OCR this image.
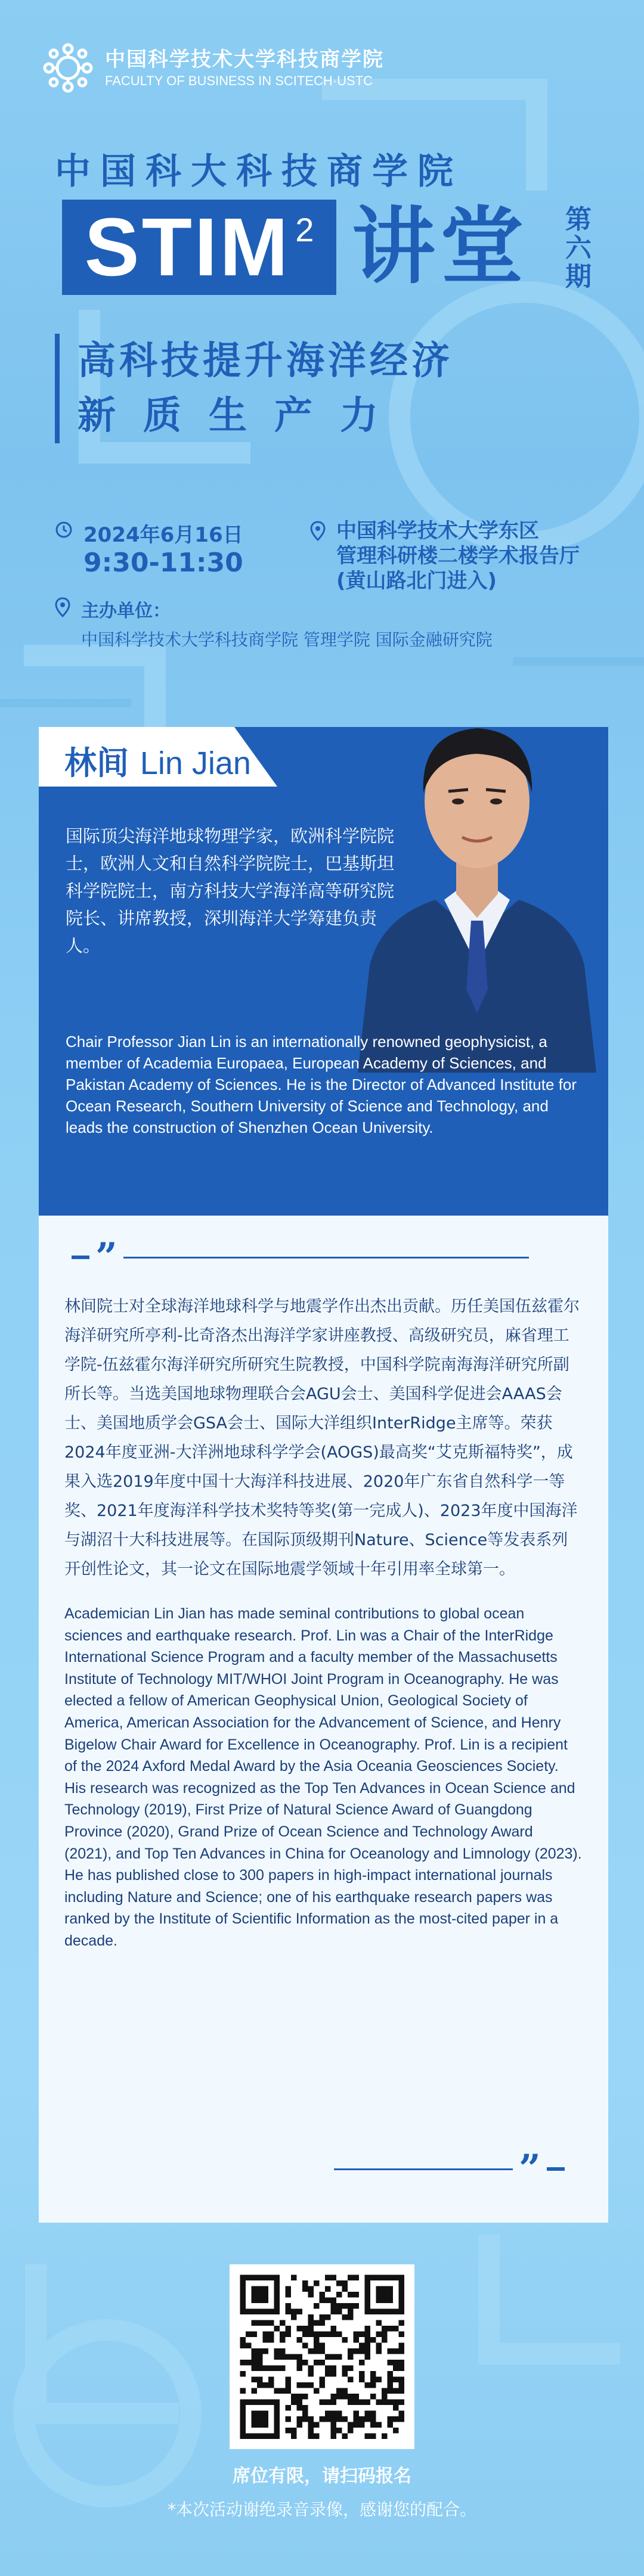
中国科学技术大学科技商学院
FACULTY OF BUSINESS IN SCITECH·USTC
中国科大科技商学院
STIM 2 讲堂 第六期
高科技提升海洋经济
新质生产力
2024年6月16日
9:30-11:30
中国科学技术大学东区
管理科研楼二楼学术报告厅
(黄山路北门进入)
主办单位：
中国科学技术大学科技商学院 管理学院 国际金融研究院
林间 Lin Jian
国际顶尖海洋地球物理学家，欧洲科学院院士，欧洲人文和自然科学院院士，巴基斯坦科学院院士，南方科技大学海洋高等研究院院长、讲席教授，深圳海洋大学筹建负责人。
Chair Professor Jian Lin is an internationally renowned geophysicist, a member of Academia Europaea, European Academy of Sciences, and Pakistan Academy of Sciences. He is the Director of Advanced Institute for Ocean Research, Southern University of Science and Technology, and leads the construction of Shenzhen Ocean University.
”
林间院士对全球海洋地球科学与地震学作出杰出贡献。历任美国伍兹霍尔海洋研究所亭利-比奇洛杰出海洋学家讲座教授、高级研究员，麻省理工学院-伍兹霍尔海洋研究所研究生院教授，中国科学院南海海洋研究所副所长等。当选美国地球物理联合会AGU会士、美国科学促进会AAAS会士、美国地质学会GSA会士、国际大洋组织InterRidge主席等。荣获2024年度亚洲-大洋洲地球科学学会(AOGS)最高奖“艾克斯福特奖”，成果入选2019年度中国十大海洋科技进展、2020年广东省自然科学一等奖、2021年度海洋科学技术奖特等奖(第一完成人)、2023年度中国海洋与湖沼十大科技进展等。在国际顶级期刊Nature、Science等发表系列开创性论文，其一论文在国际地震学领域十年引用率全球第一。
Academician Lin Jian has made seminal contributions to global ocean sciences and earthquake research. Prof. Lin was a Chair of the InterRidge International Science Program and a faculty member of the Massachusetts Institute of Technology MIT/WHOI Joint Program in Oceanography. He was elected a fellow of American Geophysical Union, Geological Society of America, American Association for the Advancement of Science, and Henry Bigelow Chair Award for Excellence in Oceanography. Prof. Lin is a recipient of the 2024 Axford Medal Award by the Asia Oceania Geosciences Society. His research was recognized as the Top Ten Advances in Ocean Science and Technology (2019), First Prize of Natural Science Award of Guangdong Province (2020), Grand Prize of Ocean Science and Technology Award (2021), and Top Ten Advances in China for Oceanology and Limnology (2023). He has published close to 300 papers in high-impact international journals including Nature and Science; one of his earthquake research papers was ranked by the Institute of Scientific Information as the most-cited paper in a decade.
”
席位有限，请扫码报名
*本次活动谢绝录音录像，感谢您的配合。
